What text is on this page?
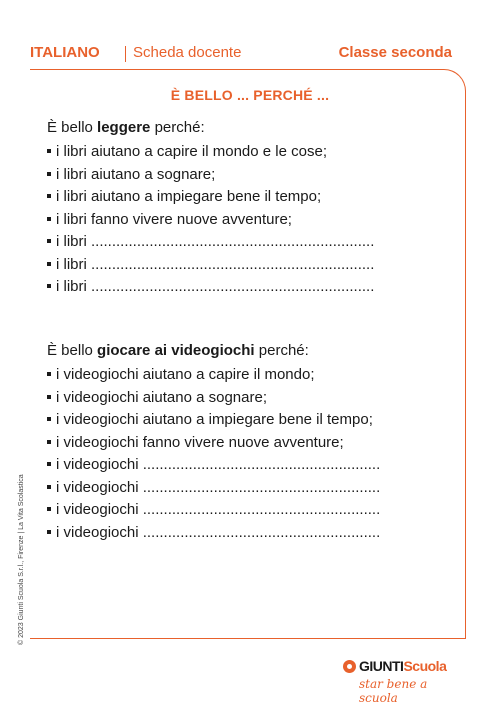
ITALIANO Scheda docente	Classe seconda
È BELLO ... PERCHÉ ...
È bello leggere perché:
i libri aiutano a capire il mondo e le cose;
i libri aiutano a sognare;
i libri aiutano a impiegare bene il tempo;
i libri fanno vivere nuove avventure;
i libri ....................................................................
i libri ....................................................................
i libri ....................................................................
È bello giocare ai videogiochi perché:
i videogiochi aiutano a capire il mondo;
i videogiochi aiutano a sognare;
i videogiochi aiutano a impiegare bene il tempo;
i videogiochi fanno vivere nuove avventure;
i videogiochi .........................................................
i videogiochi .........................................................
i videogiochi .........................................................
i videogiochi .........................................................
© 2023 Giunti Scuola S.r.l., Firenze | La Vita Scolastica
GIUNTIScuola
star bene a scuola
